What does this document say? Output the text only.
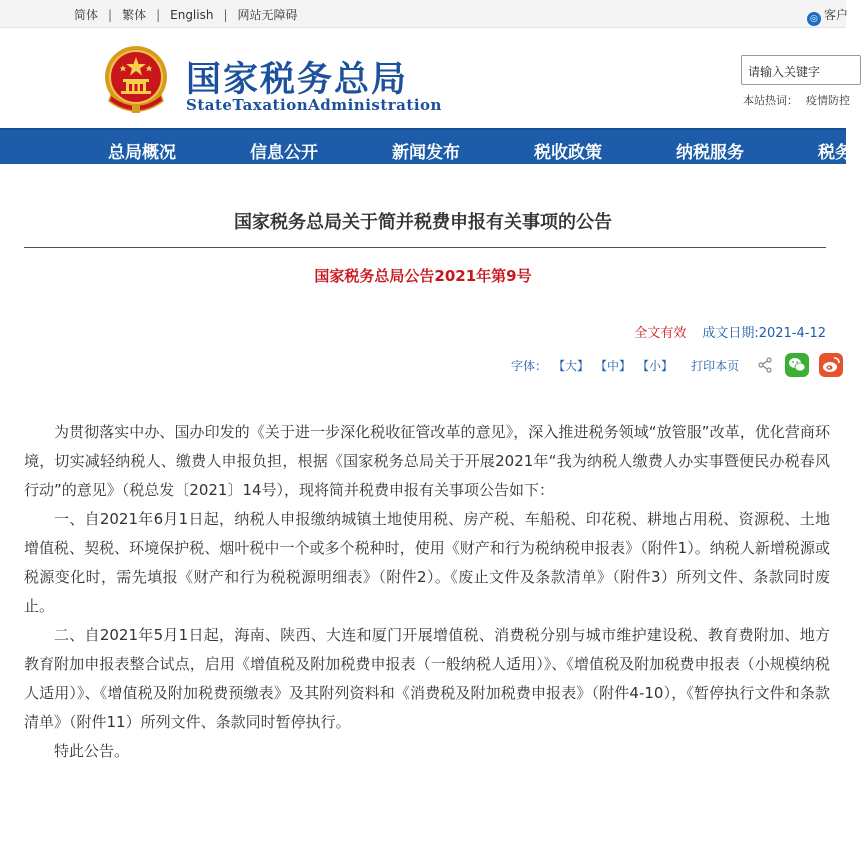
简体 | 繁体 | English | 网站无障碍	◎ 客户
国家税务总局
StateTaxationAdministration
请输入关键字
本站热词： 疫情防控
总局概况	信息公开	新闻发布	税收政策	纳税服务	税务
国家税务总局关于简并税费申报有关事项的公告
国家税务总局公告2021年第9号
全文有效 成文日期:2021-4-12
字体： 【大】 【中】 【小】 打印本页

为贯彻落实中办、国办印发的《关于进一步深化税收征管改革的意见》，深入推进税务领域“放管服”改革，优化营商环境，切实减轻纳税人、缴费人申报负担，根据《国家税务总局关于开展2021年“我为纳税人缴费人办实事暨便民办税春风行动”的意见》（税总发〔2021〕14号），现将简并税费申报有关事项公告如下：

一、自2021年6月1日起，纳税人申报缴纳城镇土地使用税、房产税、车船税、印花税、耕地占用税、资源税、土地增值税、契税、环境保护税、烟叶税中一个或多个税种时，使用《财产和行为税纳税申报表》（附件1）。纳税人新增税源或税源变化时，需先填报《财产和行为税税源明细表》（附件2）。《废止文件及条款清单》（附件3）所列文件、条款同时废止。

二、自2021年5月1日起，海南、陕西、大连和厦门开展增值税、消费税分别与城市维护建设税、教育费附加、地方教育附加申报表整合试点，启用《增值税及附加税费申报表（一般纳税人适用）》、《增值税及附加税费申报表（小规模纳税人适用）》、《增值税及附加税费预缴表》及其附列资料和《消费税及附加税费申报表》（附件4-10），《暂停执行文件和条款清单》（附件11）所列文件、条款同时暂停执行。

特此公告。
